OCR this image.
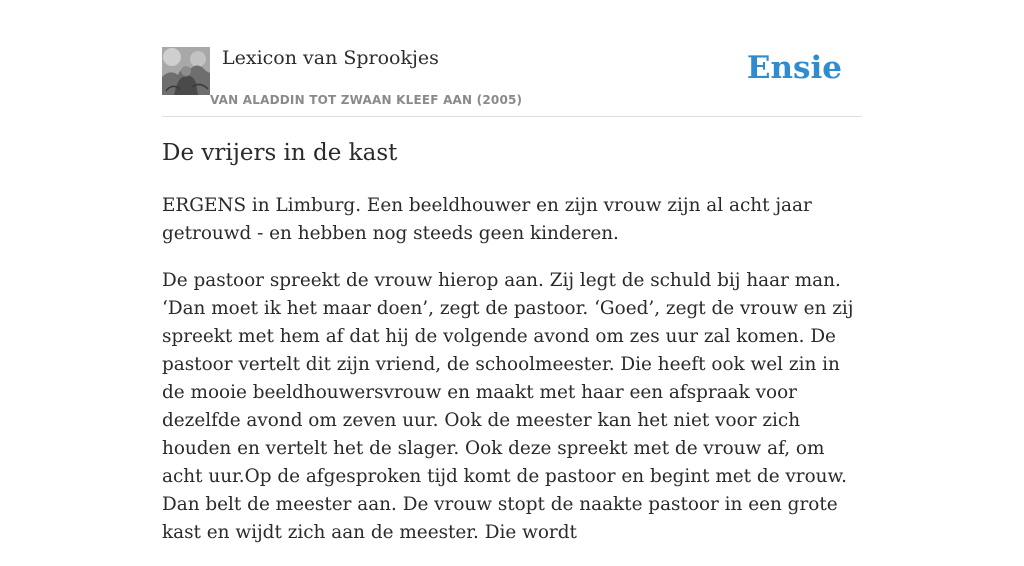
Lexicon van Sprookjes
VAN ALADDIN TOT ZWAAN KLEEF AAN (2005)
Ensie
De vrijers in de kast

ERGENS in Limburg. Een beeldhouwer en zijn vrouw zijn al acht jaar getrouwd - en hebben nog steeds geen kinderen.

De pastoor spreekt de vrouw hierop aan. Zij legt de schuld bij haar man. ‘Dan moet ik het maar doen’, zegt de pastoor. ‘Goed’, zegt de vrouw en zij spreekt met hem af dat hij de volgende avond om zes uur zal komen. De pastoor vertelt dit zijn vriend, de schoolmeester. Die heeft ook wel zin in de mooie beeldhouwersvrouw en maakt met haar een afspraak voor dezelfde avond om zeven uur. Ook de meester kan het niet voor zich houden en vertelt het de slager. Ook deze spreekt met de vrouw af, om acht uur.Op de afgesproken tijd komt de pastoor en begint met de vrouw. Dan belt de meester aan. De vrouw stopt de naakte pastoor in een grote kast en wijdt zich aan de meester. Die wordt
